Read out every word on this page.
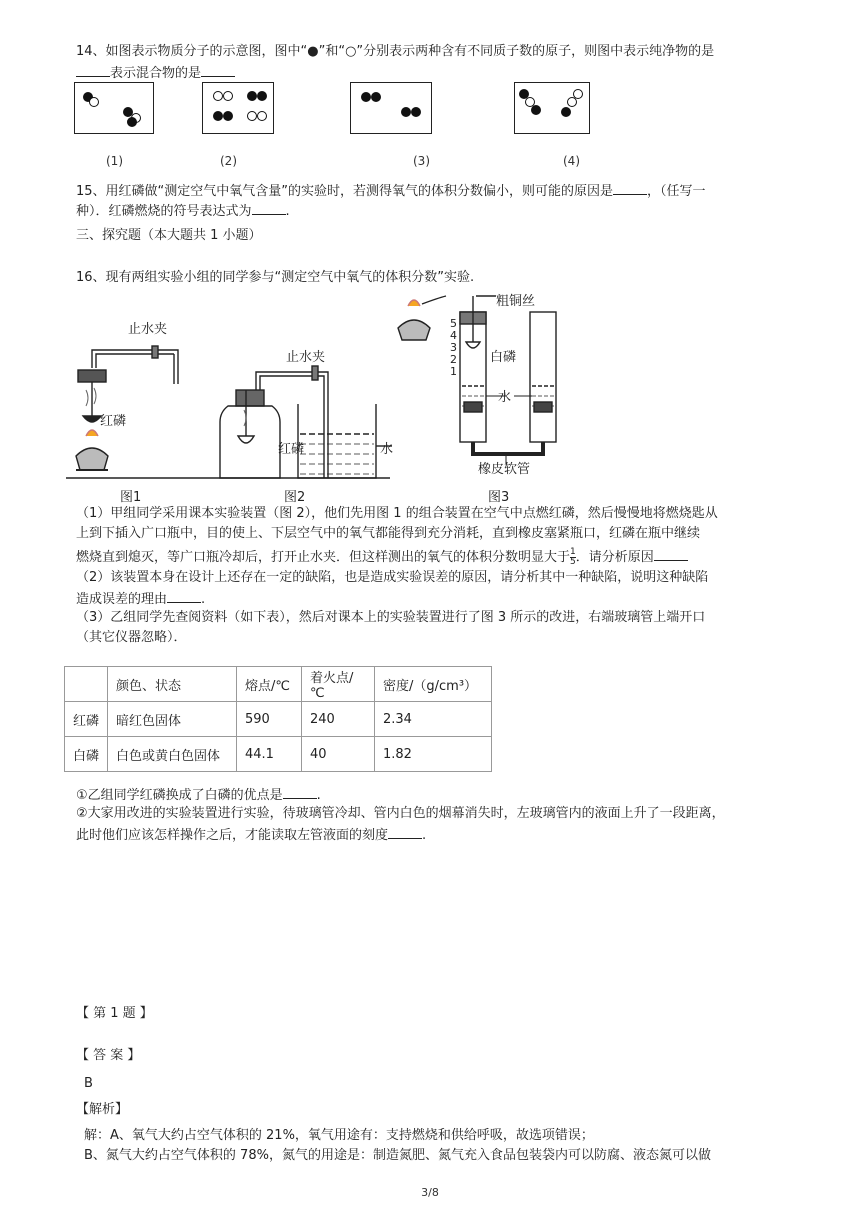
14、如图表示物质分子的示意图，图中“●”和“○”分别表示两种含有不同质子数的原子，则图中表示纯净物的是
表示混合物的是
(1)	(2)	(3)	(4)
15、用红磷做“测定空气中氧气含量”的实验时，若测得氧气的体积分数偏小，则可能的原因是	，（任写一
种）．红磷燃烧的符号表达式为	.
三、探究题（本大题共 1 小题）
16、现有两组实验小组的同学参与“测定空气中氧气的体积分数”实验.
止水夹
红磷
止水夹
红磷	水
粗铜丝
白磷
水
橡皮软管
5
4
3
2
1
图1	图2	图3
（1）甲组同学采用课本实验装置（图 2），他们先用图 1 的组合装置在空气中点燃红磷，然后慢慢地将燃烧匙从
上到下插入广口瓶中，目的使上、下层空气中的氧气都能得到充分消耗，直到橡皮塞紧瓶口，红磷在瓶中继续
燃烧直到熄灭，等广口瓶冷却后，打开止水夹．但这样测出的氧气的体积分数明显大于 $\frac{1}{5}$ ．请分析原因
（2）该装置本身在设计上还存在一定的缺陷，也是造成实验误差的原因，请分析其中一种缺陷，说明这种缺陷
造成误差的理由	.
（3）乙组同学先查阅资料（如下表），然后对课本上的实验装置进行了图 3 所示的改进，右端玻璃管上端开口
（其它仪器忽略）．
	颜色、状态	熔点/℃	着火点/℃	密度/（g/cm³）
红磷	暗红色固体	590	240	2.34
白磷	白色或黄白色固体	44.1	40	1.82
①乙组同学红磷换成了白磷的优点是	.
②大家用改进的实验装置进行实验，待玻璃管冷却、管内白色的烟幕消失时，左玻璃管内的液面上升了一段距离，
此时他们应该怎样操作之后，才能读取左管液面的刻度	.
【 第 1 题 】
【 答 案 】
B
【解析】
解：A、氧气大约占空气体积的 21%，氧气用途有：支持燃烧和供给呼吸，故选项错误；
B、氮气大约占空气体积的 78%，氮气的用途是：制造氮肥、氮气充入食品包装袋内可以防腐、液态氮可以做
3/8
